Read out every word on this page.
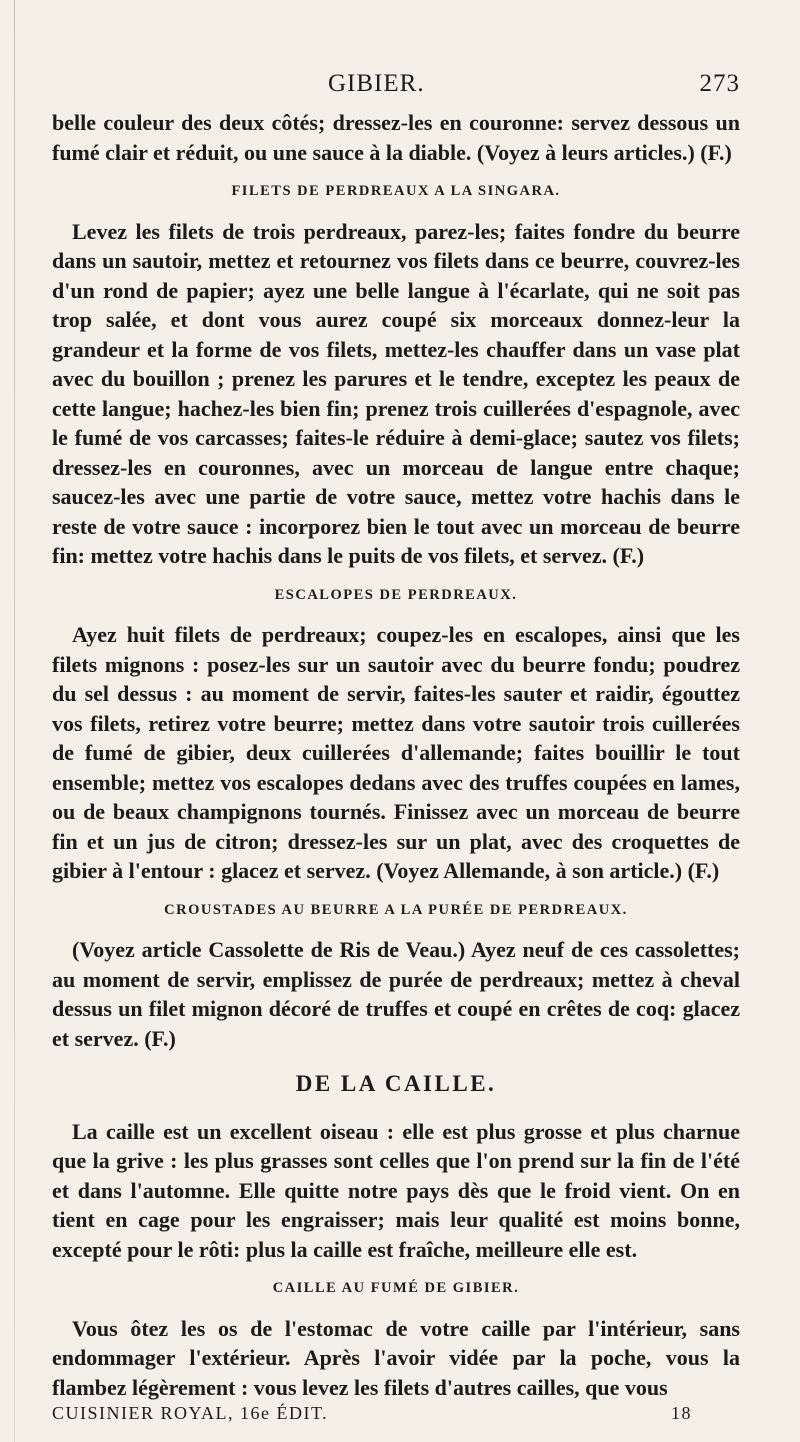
GIBIER.	273

belle couleur des deux côtés; dressez-les en couronne: servez dessous un fumé clair et réduit, ou une sauce à la diable. (Voyez à leurs articles.) (F.)

FILETS DE PERDREAUX A LA SINGARA.

Levez les filets de trois perdreaux, parez-les; faites fondre du beurre dans un sautoir, mettez et retournez vos filets dans ce beurre, couvrez-les d'un rond de papier; ayez une belle langue à l'écarlate, qui ne soit pas trop salée, et dont vous aurez coupé six morceaux donnez-leur la grandeur et la forme de vos filets, mettez-les chauffer dans un vase plat avec du bouillon ; prenez les parures et le tendre, exceptez les peaux de cette langue; hachez-les bien fin; prenez trois cuillerées d'espagnole, avec le fumé de vos carcasses; faites-le réduire à demi-glace; sautez vos filets; dressez-les en couronnes, avec un morceau de langue entre chaque; saucez-les avec une partie de votre sauce, mettez votre hachis dans le reste de votre sauce : incorporez bien le tout avec un morceau de beurre fin: mettez votre hachis dans le puits de vos filets, et servez. (F.)

ESCALOPES DE PERDREAUX.

Ayez huit filets de perdreaux; coupez-les en escalopes, ainsi que les filets mignons : posez-les sur un sautoir avec du beurre fondu; poudrez du sel dessus : au moment de servir, faites-les sauter et raidir, égouttez vos filets, retirez votre beurre; mettez dans votre sautoir trois cuillerées de fumé de gibier, deux cuillerées d'allemande; faites bouillir le tout ensemble; mettez vos escalopes dedans avec des truffes coupées en lames, ou de beaux champignons tournés. Finissez avec un morceau de beurre fin et un jus de citron; dressez-les sur un plat, avec des croquettes de gibier à l'entour : glacez et servez. (Voyez Allemande, à son article.) (F.)

CROUSTADES AU BEURRE A LA PURÉE DE PERDREAUX.

(Voyez article Cassolette de Ris de Veau.) Ayez neuf de ces cassolettes; au moment de servir, emplissez de purée de perdreaux; mettez à cheval dessus un filet mignon décoré de truffes et coupé en crêtes de coq: glacez et servez. (F.)

DE LA CAILLE.

La caille est un excellent oiseau : elle est plus grosse et plus charnue que la grive : les plus grasses sont celles que l'on prend sur la fin de l'été et dans l'automne. Elle quitte notre pays dès que le froid vient. On en tient en cage pour les engraisser; mais leur qualité est moins bonne, excepté pour le rôti: plus la caille est fraîche, meilleure elle est.

CAILLE AU FUMÉ DE GIBIER.

Vous ôtez les os de l'estomac de votre caille par l'intérieur, sans endommager l'extérieur. Après l'avoir vidée par la poche, vous la flambez légèrement : vous levez les filets d'autres cailles, que vous

CUISINIER ROYAL, 16e ÉDIT.	18
